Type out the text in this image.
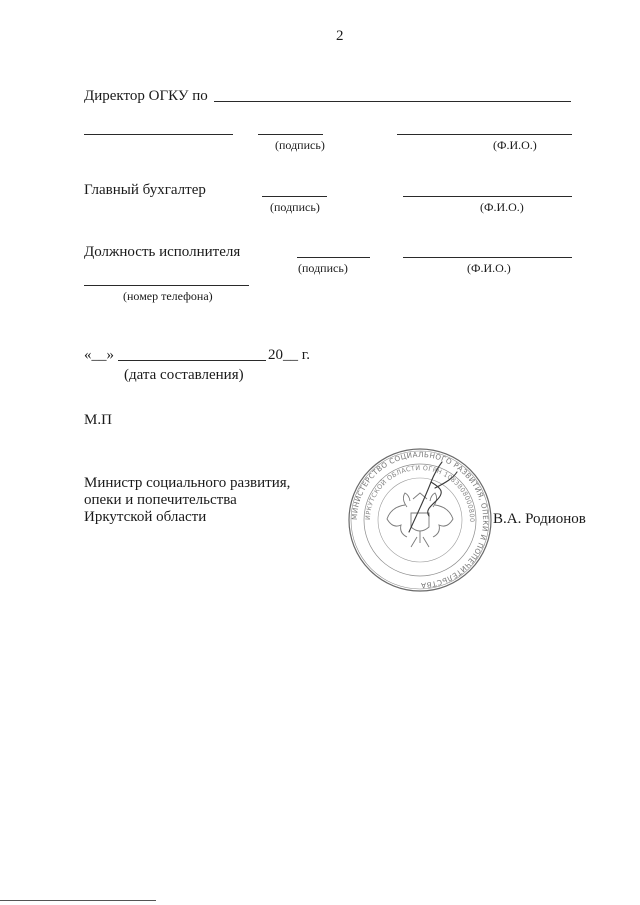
2
Директор ОГКУ по
(подпись)	(Ф.И.О.)
Главный бухгалтер
(подпись)	(Ф.И.О.)
Должность исполнителя
(подпись)	(Ф.И.О.)
(номер телефона)
«__»	20__ г.
(дата составления)
М.П
Министр социального развития,
опеки и попечительства
Иркутской области	В.А. Родионов
МИНИСТЕРСТВО СОЦИАЛЬНОГО РАЗВИТИЯ, ОПЕКИ И ПОПЕЧИТЕЛЬСТВА
ИРКУТСКОЙ ОБЛАСТИ ОГРН 1083808000800
